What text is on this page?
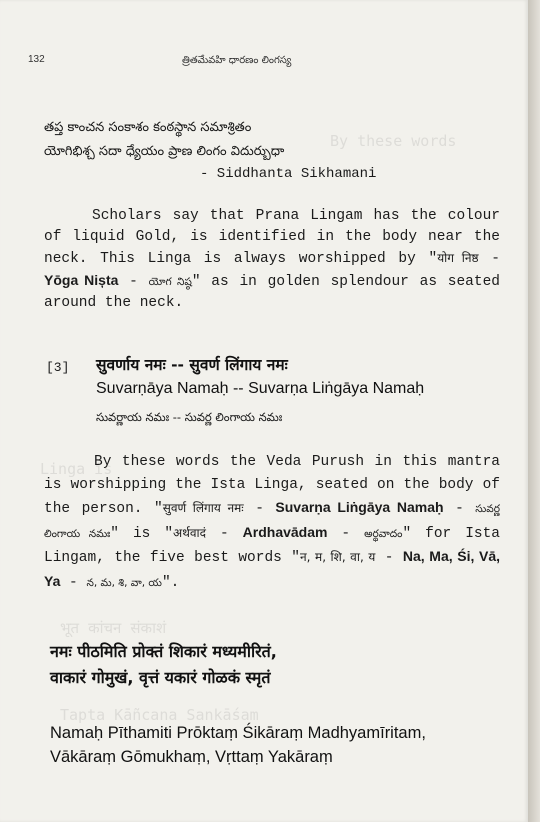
By these words
Linga is
भूत कांचन संकाशं
Tapta Kāñcana Sankāśam
132	త్రితమేవహి ధారణం లింగస్య
తప్త కాంచన సంకాశం కంఠస్థాన సమాశ్రితం
యోగిభిశ్చ సదా ధ్యేయం ప్రాణ లింగం విదుర్బుధా
- Siddhanta Sikhamani
Scholars say that Prana Lingam has the colour of liquid Gold, is identified in the body near the neck. This Linga is always worshipped by "योग निष्ठ - Yōga Nișta - యోగ నిష్ఠ" as in golden splendour as seated around the neck.
[3] सुवर्णाय नमः -- सुवर्ण लिंगाय नमः
Suvarṇāya Namaḥ -- Suvarṇa Liṅgāya Namaḥ
సువర్ణాయ నమః -- సువర్ణ లింగాయ నమః
By these words the Veda Purush in this mantra is worshipping the Ista Linga, seated on the body of the person. "सुवर्ण लिंगाय नमः - Suvarṇa Liṅgāya Namaḥ - సువర్ణ లింగాయ నమః" is "अर्थवादं - Ardhavādam - అర్థవాదం" for Ista Lingam, the five best words "न, म, शि, वा, य - Na, Ma, Śi, Vā, Ya - న, మ, శి, వా, య".
नमः पीठमिति प्रोक्तं शिकारं मध्यमीरितं,
वाकारं गोमुखं, वृत्तं यकारं गोळकं स्मृतं
Namaḥ Pīthamiti Prōktaṃ Śikāraṃ Madhyamīritam,
Vākāraṃ Gōmukhaṃ, Vṛttaṃ Yakāraṃ
